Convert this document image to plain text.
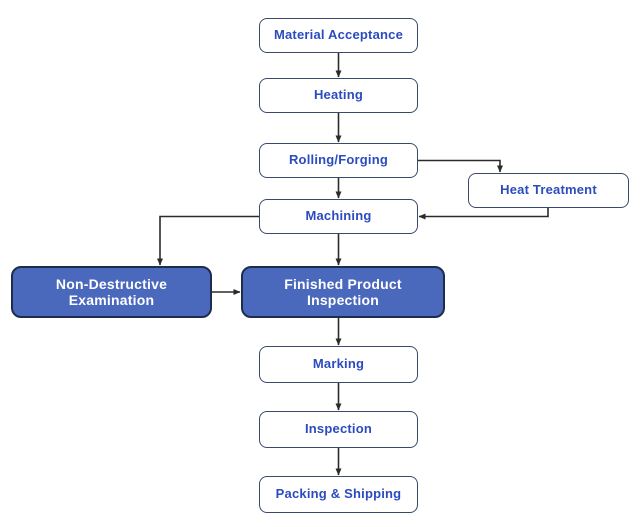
Material Acceptance
Heating
Rolling/Forging
Heat Treatment
Machining
Non-Destructive Examination
Finished Product Inspection
Marking
Inspection
Packing & Shipping
